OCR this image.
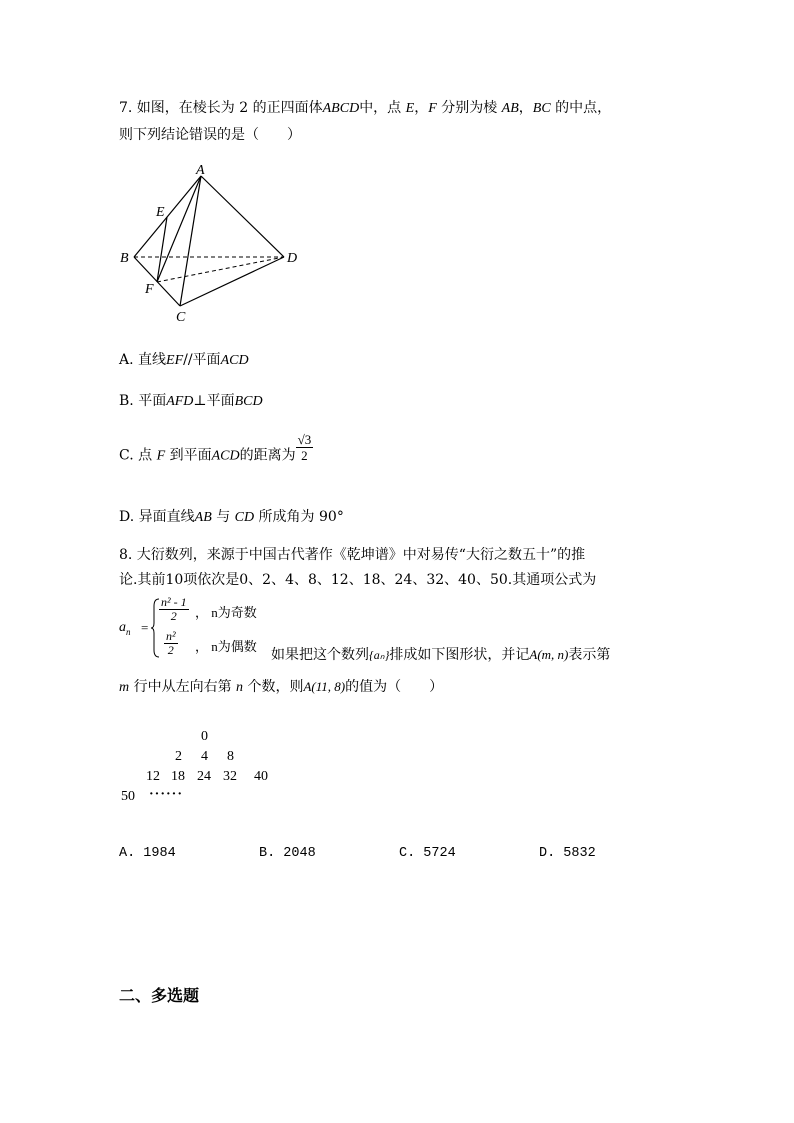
7. 如图，在棱长为 2 的正四面体ABCD中，点 E，F 分别为棱 AB，BC 的中点，
则下列结论错误的是（　　）
A
E
B	D
F
C
A. 直线EF//平面ACD
B. 平面AFD⊥平面BCD
C. 点 F 到平面ACD的距离为 $\frac{√3}{2}$
D. 异面直线AB 与 CD 所成角为 90°
8. 大衍数列，来源于中国古代著作《乾坤谱》中对易传“大衍之数五十”的推
论.其前10项依次是0、2、4、8、12、18、24、32、40、50.其通项公式为
$a_n$ =
$\frac{\text{n² - 1}}{2}$ ， n为奇数
$\frac{\text{n²}}{2}$ ， n为偶数
如果把这个数列{aₙ}排成如下图形状，并记A(m, n)表示第
m 行中从左向右第 n 个数，则A(11, 8)的值为（　　）
0
2 4 8
12 18 24 32 40
50 ······
A. 1984	B. 2048	C. 5724	D. 5832
二、多选题
